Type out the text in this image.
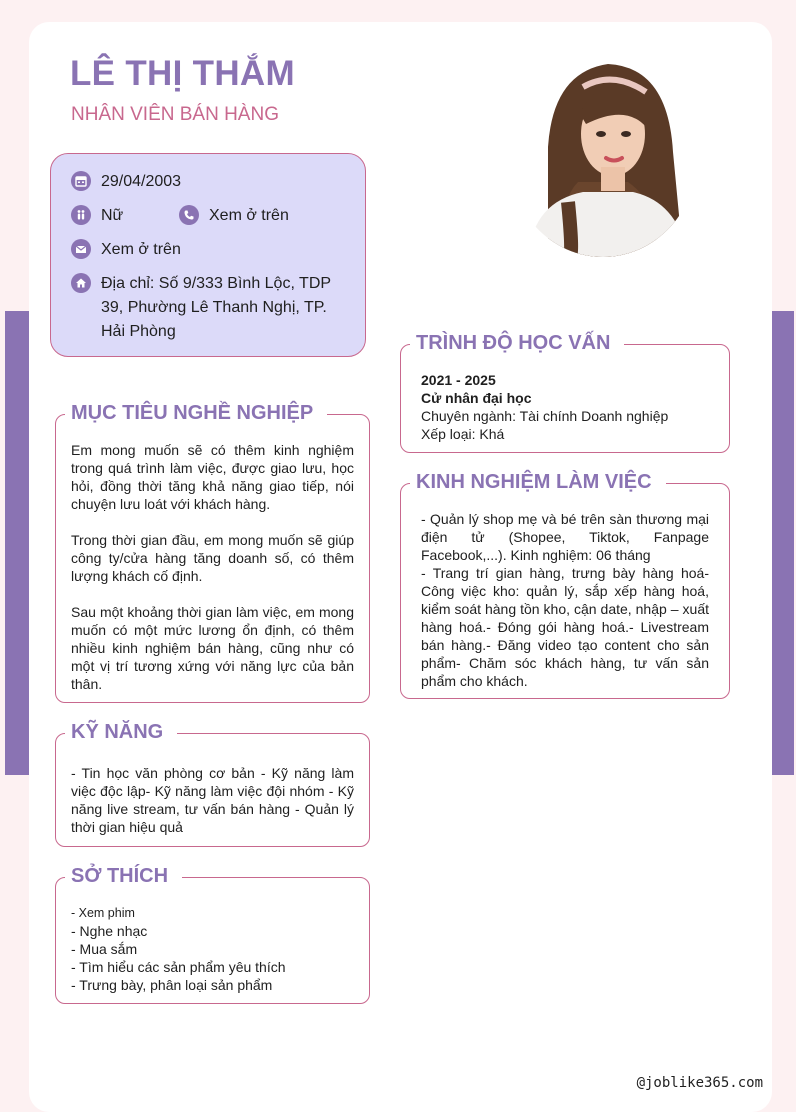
LÊ THỊ THẮM
NHÂN VIÊN BÁN HÀNG
29/04/2003
Nữ	Xem ở trên
Xem ở trên
Địa chỉ: Số 9/333 Bình Lộc, TDP 39, Phường Lê Thanh Nghị, TP. Hải Phòng
MỤC TIÊU NGHỀ NGHIỆP

Em mong muốn sẽ có thêm kinh nghiệm trong quá trình làm việc, được giao lưu, học hỏi, đồng thời tăng khả năng giao tiếp, nói chuyện lưu loát với khách hàng.

Trong thời gian đầu, em mong muốn sẽ giúp công ty/cửa hàng tăng doanh số, có thêm lượng khách cố định.

Sau một khoảng thời gian làm việc, em mong muốn có một mức lương ổn định, có thêm nhiều kinh nghiệm bán hàng, cũng như có một vị trí tương xứng với năng lực của bản thân.

KỸ NĂNG

- Tin học văn phòng cơ bản - Kỹ năng làm việc độc lập- Kỹ năng làm việc đội nhóm - Kỹ năng live stream, tư vấn bán hàng - Quản lý thời gian hiệu quả

SỞ THÍCH
- Xem phim
- Nghe nhạc
- Mua sắm
- Tìm hiểu các sản phẩm yêu thích
- Trưng bày, phân loại sản phẩm
TRÌNH ĐỘ HỌC VẤN
2021 - 2025
Cử nhân đại học
Chuyên ngành: Tài chính Doanh nghiệp
Xếp loại: Khá
KINH NGHIỆM LÀM VIỆC
- Quản lý shop mẹ và bé trên sàn thương mại điện tử (Shopee, Tiktok, Fanpage Facebook,...). Kinh nghiệm: 06 tháng
- Trang trí gian hàng, trưng bày hàng hoá- Công việc kho: quản lý, sắp xếp hàng hoá, kiểm soát hàng tồn kho, cận date, nhập – xuất hàng hoá.- Đóng gói hàng hoá.- Livestream bán hàng.- Đăng video tạo content cho sản phẩm- Chăm sóc khách hàng, tư vấn sản phẩm cho khách.
@joblike365.com
